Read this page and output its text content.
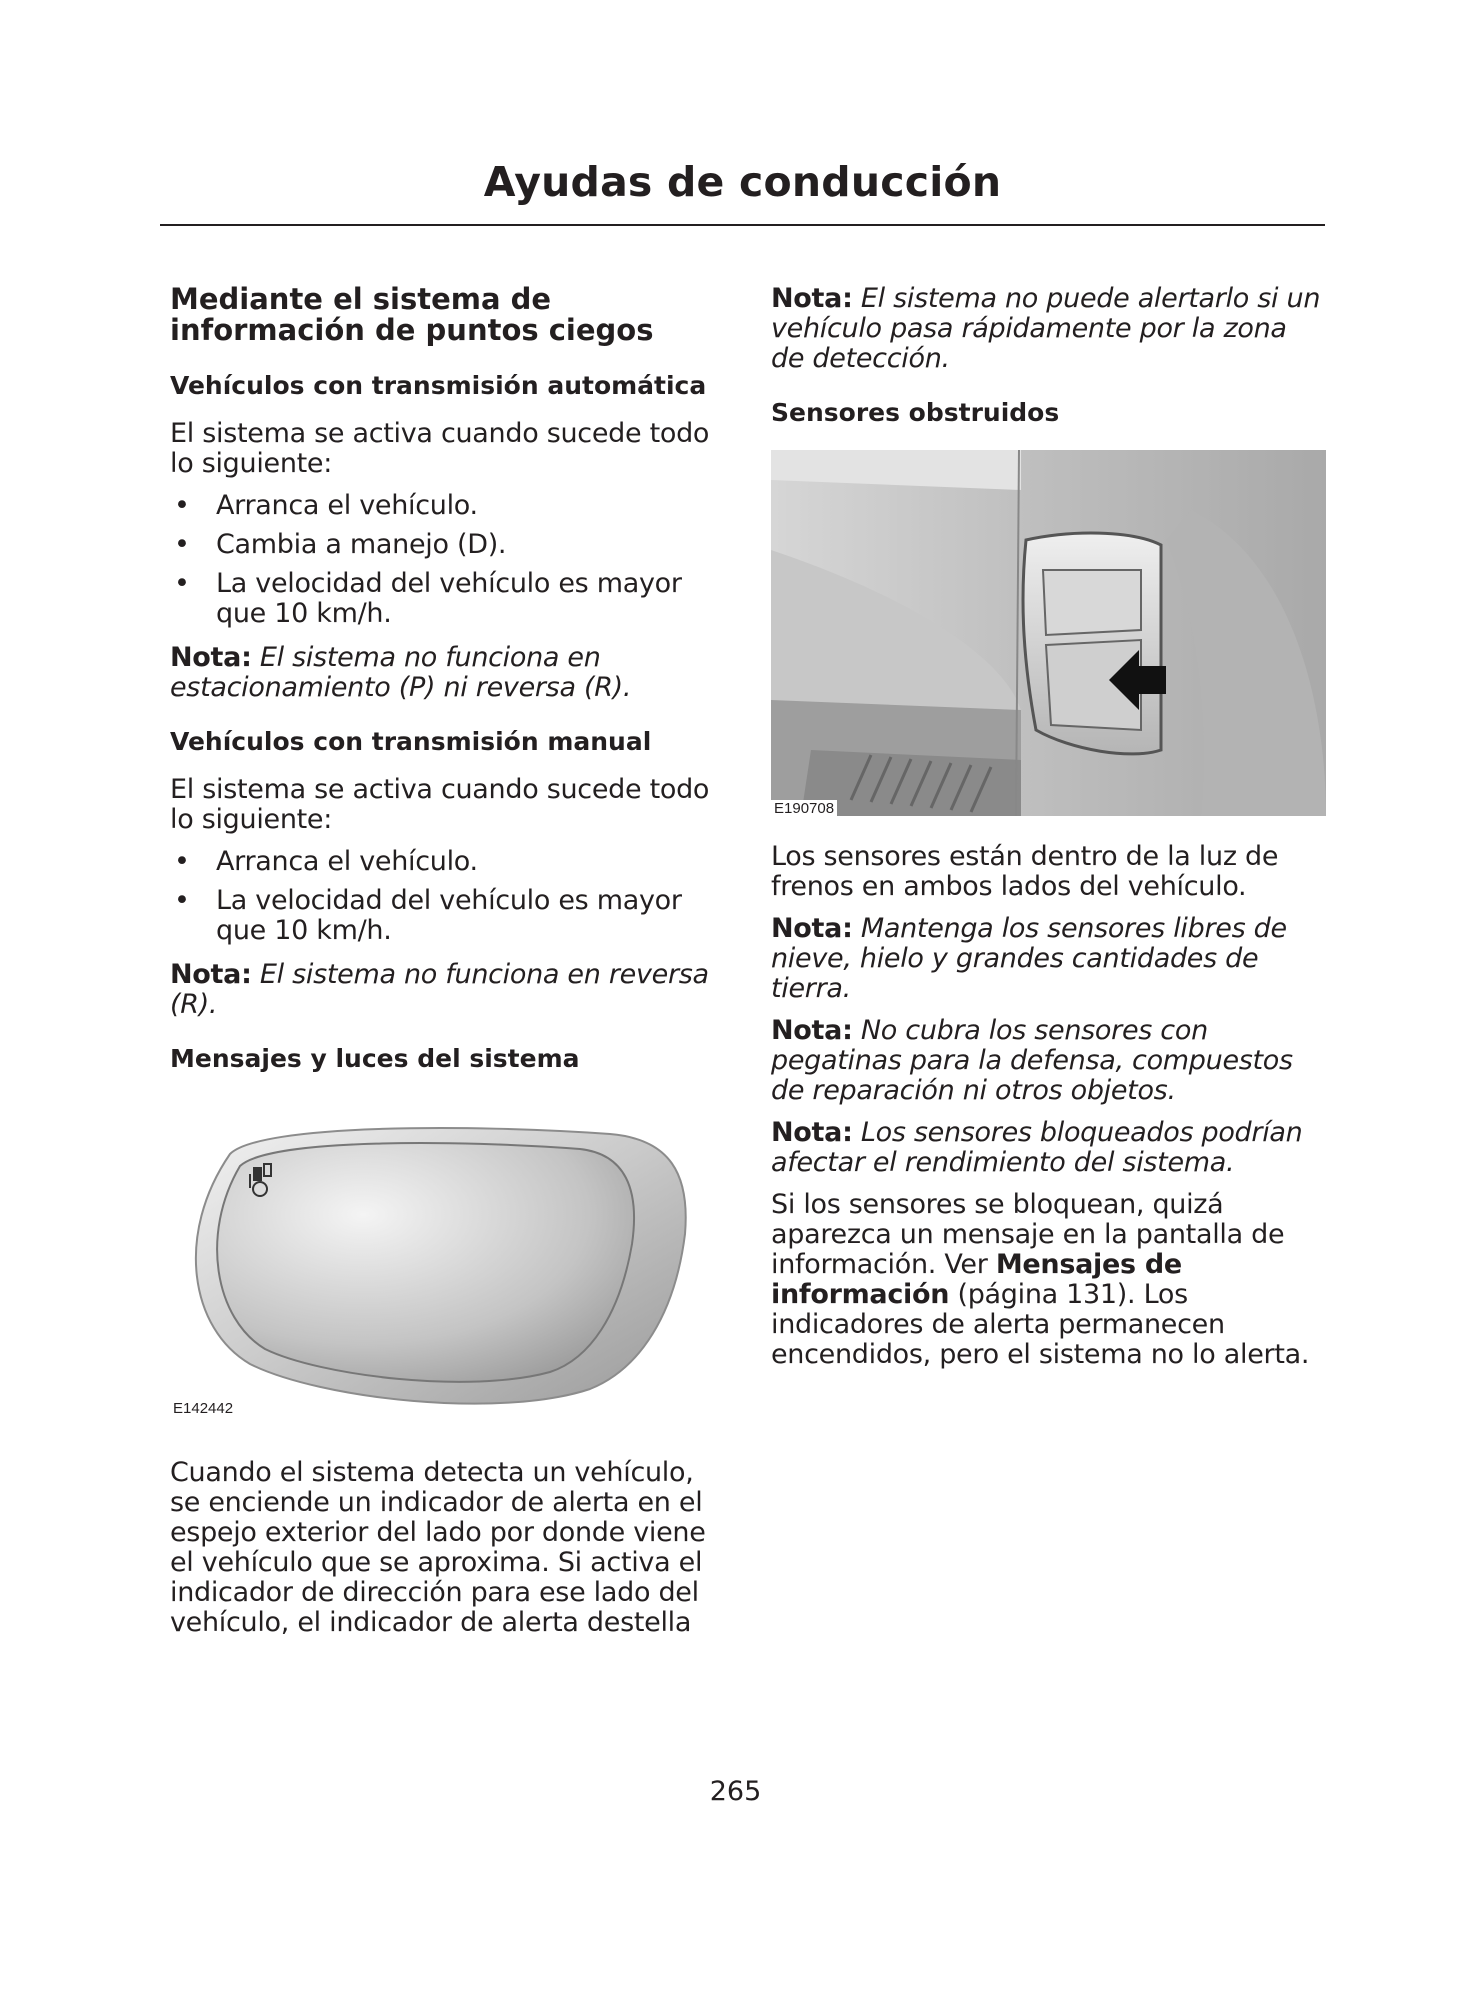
Ayudas de conducción
Mediante el sistema de información de puntos ciegos
Vehículos con transmisión automática

El sistema se activa cuando sucede todo lo siguiente:

• Arranca el vehículo.
• Cambia a manejo (D).
• La velocidad del vehículo es mayor que 10 km/h.

Nota: El sistema no funciona en estacionamiento (P) ni reversa (R).

Vehículos con transmisión manual

El sistema se activa cuando sucede todo lo siguiente:

• Arranca el vehículo.
• La velocidad del vehículo es mayor que 10 km/h.

Nota: El sistema no funciona en reversa (R).

Mensajes y luces del sistema
E142442

Cuando el sistema detecta un vehículo, se enciende un indicador de alerta en el espejo exterior del lado por donde viene el vehículo que se aproxima. Si activa el indicador de dirección para ese lado del vehículo, el indicador de alerta destella

Nota: El sistema no puede alertarlo si un vehículo pasa rápidamente por la zona de detección.

Sensores obstruidos
E190708

Los sensores están dentro de la luz de frenos en ambos lados del vehículo.

Nota: Mantenga los sensores libres de nieve, hielo y grandes cantidades de tierra.

Nota: No cubra los sensores con pegatinas para la defensa, compuestos de reparación ni otros objetos.

Nota: Los sensores bloqueados podrían afectar el rendimiento del sistema.

Si los sensores se bloquean, quizá aparezca un mensaje en la pantalla de información. Ver Mensajes de información (página 131). Los indicadores de alerta permanecen encendidos, pero el sistema no lo alerta.

265
